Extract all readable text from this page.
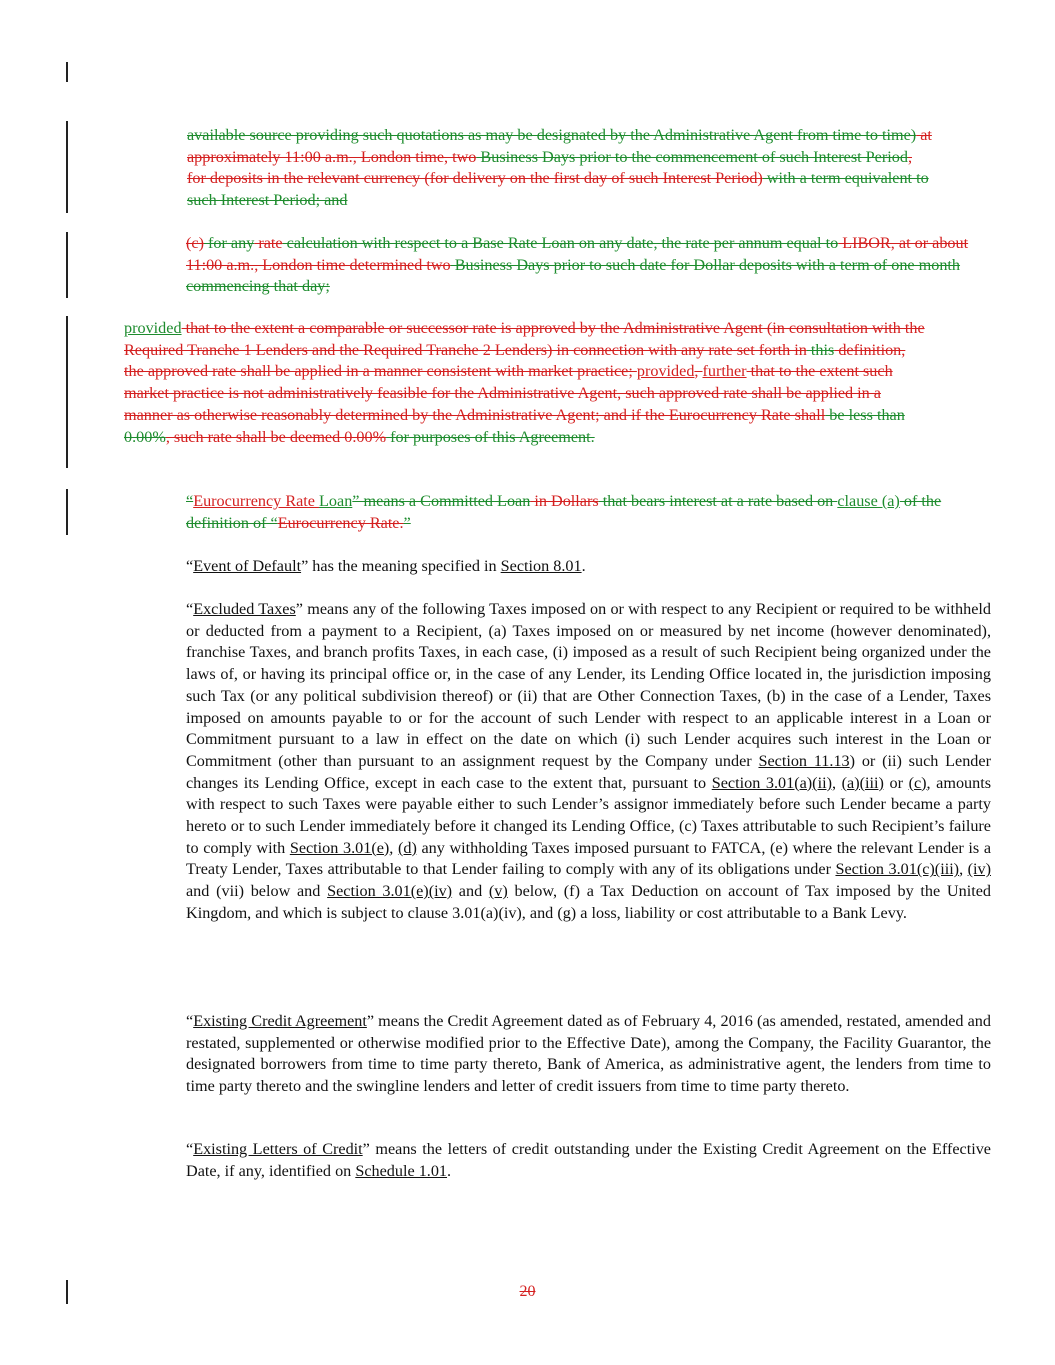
available source providing such quotations as may be designated by the Administrative Agent from time to time) at approximately 11:00 a.m., London time, two Business Days prior to the commencement of such Interest Period, for deposits in the relevant currency (for delivery on the first day of such Interest Period) with a term equivalent to such Interest Period; and
(c) for any rate calculation with respect to a Base Rate Loan on any date, the rate per annum equal to LIBOR, at or about 11:00 a.m., London time determined two Business Days prior to such date for Dollar deposits with a term of one month commencing that day;
provided that to the extent a comparable or successor rate is approved by the Administrative Agent (in consultation with the Required Tranche 1 Lenders and the Required Tranche 2 Lenders) in connection with any rate set forth in this definition, the approved rate shall be applied in a manner consistent with market practice; provided, further that to the extent such market practice is not administratively feasible for the Administrative Agent, such approved rate shall be applied in a manner as otherwise reasonably determined by the Administrative Agent; and if the Eurocurrency Rate shall be less than 0.00%, such rate shall be deemed 0.00% for purposes of this Agreement.
“Eurocurrency Rate Loan” means a Committed Loan in Dollars that bears interest at a rate based on clause (a) of the definition of “Eurocurrency Rate.”
“Event of Default” has the meaning specified in Section 8.01.
“Excluded Taxes” means any of the following Taxes imposed on or with respect to any Recipient or required to be withheld or deducted from a payment to a Recipient, (a) Taxes imposed on or measured by net income (however denominated), franchise Taxes, and branch profits Taxes, in each case, (i) imposed as a result of such Recipient being organized under the laws of, or having its principal office or, in the case of any Lender, its Lending Office located in, the jurisdiction imposing such Tax (or any political subdivision thereof) or (ii) that are Other Connection Taxes, (b) in the case of a Lender, Taxes imposed on amounts payable to or for the account of such Lender with respect to an applicable interest in a Loan or Commitment pursuant to a law in effect on the date on which (i) such Lender acquires such interest in the Loan or Commitment (other than pursuant to an assignment request by the Company under Section 11.13) or (ii) such Lender changes its Lending Office, except in each case to the extent that, pursuant to Section 3.01(a)(ii), (a)(iii) or (c), amounts with respect to such Taxes were payable either to such Lender’s assignor immediately before such Lender became a party hereto or to such Lender immediately before it changed its Lending Office, (c) Taxes attributable to such Recipient’s failure to comply with Section 3.01(e), (d) any withholding Taxes imposed pursuant to FATCA, (e) where the relevant Lender is a Treaty Lender, Taxes attributable to that Lender failing to comply with any of its obligations under Section 3.01(c)(iii), (iv) and (vii) below and Section 3.01(e)(iv) and (v) below, (f) a Tax Deduction on account of Tax imposed by the United Kingdom, and which is subject to clause 3.01(a)(iv), and (g) a loss, liability or cost attributable to a Bank Levy.
“Existing Credit Agreement” means the Credit Agreement dated as of February 4, 2016 (as amended, restated, amended and restated, supplemented or otherwise modified prior to the Effective Date), among the Company, the Facility Guarantor, the designated borrowers from time to time party thereto, Bank of America, as administrative agent, the lenders from time to time party thereto and the swingline lenders and letter of credit issuers from time to time party thereto.
“Existing Letters of Credit” means the letters of credit outstanding under the Existing Credit Agreement on the Effective Date, if any, identified on Schedule 1.01.
20
